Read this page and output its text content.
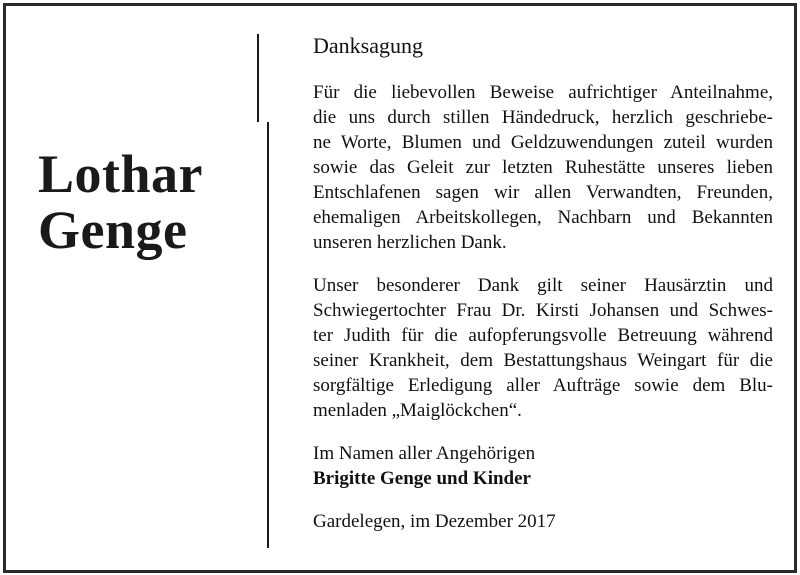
Lothar
Genge
Danksagung
Für die liebevollen Beweise aufrichtiger Anteilnahme,
die uns durch stillen Händedruck, herzlich geschriebe-
ne Worte, Blumen und Geldzuwendungen zuteil wurden
sowie das Geleit zur letzten Ruhestätte unseres lieben
Entschlafenen sagen wir allen Verwandten, Freunden,
ehemaligen Arbeitskollegen, Nachbarn und Bekannten
unseren herzlichen Dank.
Unser besonderer Dank gilt seiner Hausärztin und
Schwiegertochter Frau Dr. Kirsti Johansen und Schwes-
ter Judith für die aufopferungsvolle Betreuung während
seiner Krankheit, dem Bestattungshaus Weingart für die
sorgfältige Erledigung aller Aufträge sowie dem Blu-
menladen „Maiglöckchen“.
Im Namen aller Angehörigen
Brigitte Genge und Kinder
Gardelegen, im Dezember 2017
